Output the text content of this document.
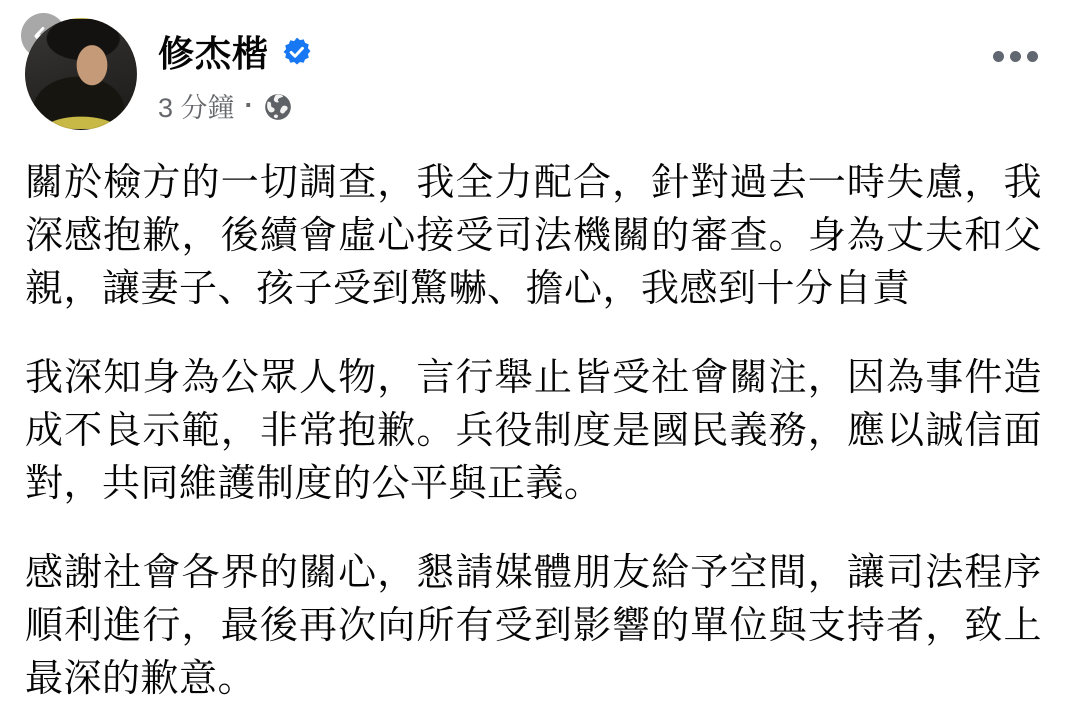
修杰楷
3 分鐘 ·

關於檢方的一切調查，我全力配合，針對過去一時失慮，我深感抱歉，後續會虛心接受司法機關的審查。身為丈夫和父親，讓妻子、孩子受到驚嚇、擔心，我感到十分自責

我深知身為公眾人物，言行舉止皆受社會關注，因為事件造成不良示範，非常抱歉。兵役制度是國民義務，應以誠信面對，共同維護制度的公平與正義。

感謝社會各界的關心，懇請媒體朋友給予空間，讓司法程序順利進行，最後再次向所有受到影響的單位與支持者，致上最深的歉意。
